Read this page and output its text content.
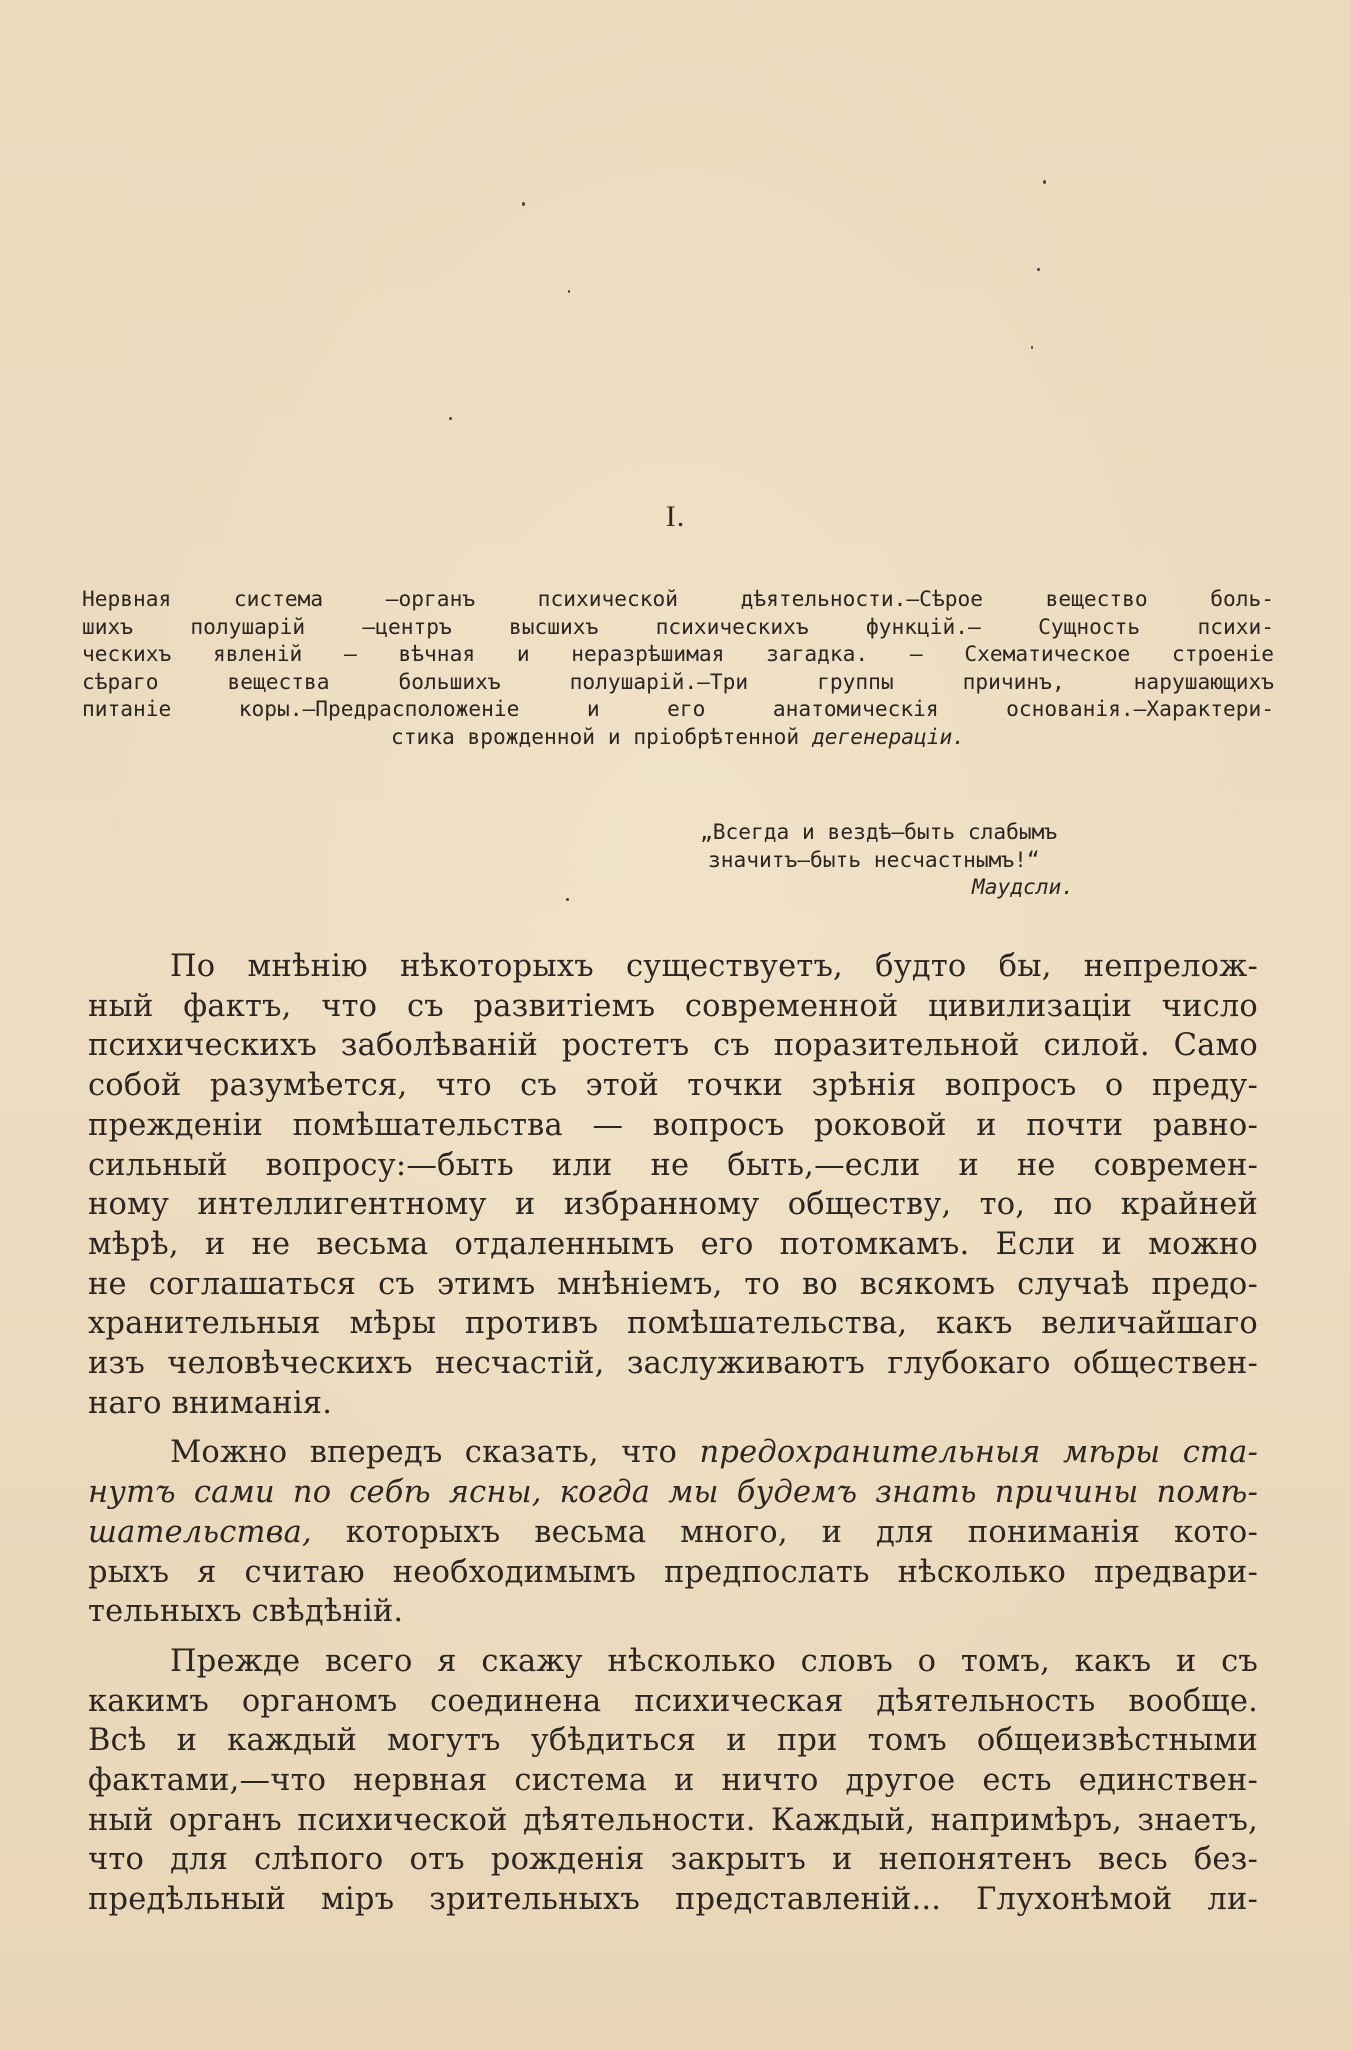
I.
Нервная система —органъ психической дѣятельности.—Сѣрое вещество боль-
шихъ полушарій —центръ высшихъ психическихъ функцій.— Сущность психи-
ческихъ явленій — вѣчная и неразрѣшимая загадка. — Схематическое строеніе
сѣраго вещества большихъ полушарій.—Три группы причинъ, нарушающихъ
питаніе коры.—Предрасположеніе и его анатомическія основанія.—Характери-
стика врожденной и пріобрѣтенной дегенераціи.
„Всегда и вездѣ—быть слабымъ
значитъ—быть несчастнымъ!“
Маудсли.
По мнѣнію нѣкоторыхъ существуетъ, будто бы, непрелож-
ный фактъ, что съ развитіемъ современной цивилизаціи число
психическихъ заболѣваній ростетъ съ поразительной силой. Само
собой разумѣется, что съ этой точки зрѣнія вопросъ о преду-
прежденіи помѣшательства — вопросъ роковой и почти равно-
сильный вопросу:—быть или не быть,—если и не современ-
ному интеллигентному и избранному обществу, то, по крайней
мѣрѣ, и не весьма отдаленнымъ его потомкамъ. Если и можно
не соглашаться съ этимъ мнѣніемъ, то во всякомъ случаѣ предо-
хранительныя мѣры противъ помѣшательства, какъ величайшаго
изъ человѣческихъ несчастій, заслуживаютъ глубокаго обществен-
наго вниманія.
Можно впередъ сказать, что предохранительныя мѣры ста-
нутъ сами по себѣ ясны, когда мы будемъ знать причины помѣ-
шательства, которыхъ весьма много, и для пониманія кото-
рыхъ я считаю необходимымъ предпослать нѣсколько предвари-
тельныхъ свѣдѣній.
Прежде всего я скажу нѣсколько словъ о томъ, какъ и съ
какимъ органомъ соединена психическая дѣятельность вообще.
Всѣ и каждый могутъ убѣдиться и при томъ общеизвѣстными
фактами,—что нервная система и ничто другое есть единствен-
ный органъ психической дѣятельности. Каждый, напримѣръ, знаетъ,
что для слѣпого отъ рожденія закрытъ и непонятенъ весь без-
предѣльный міръ зрительныхъ представленій... Глухонѣмой ли-
